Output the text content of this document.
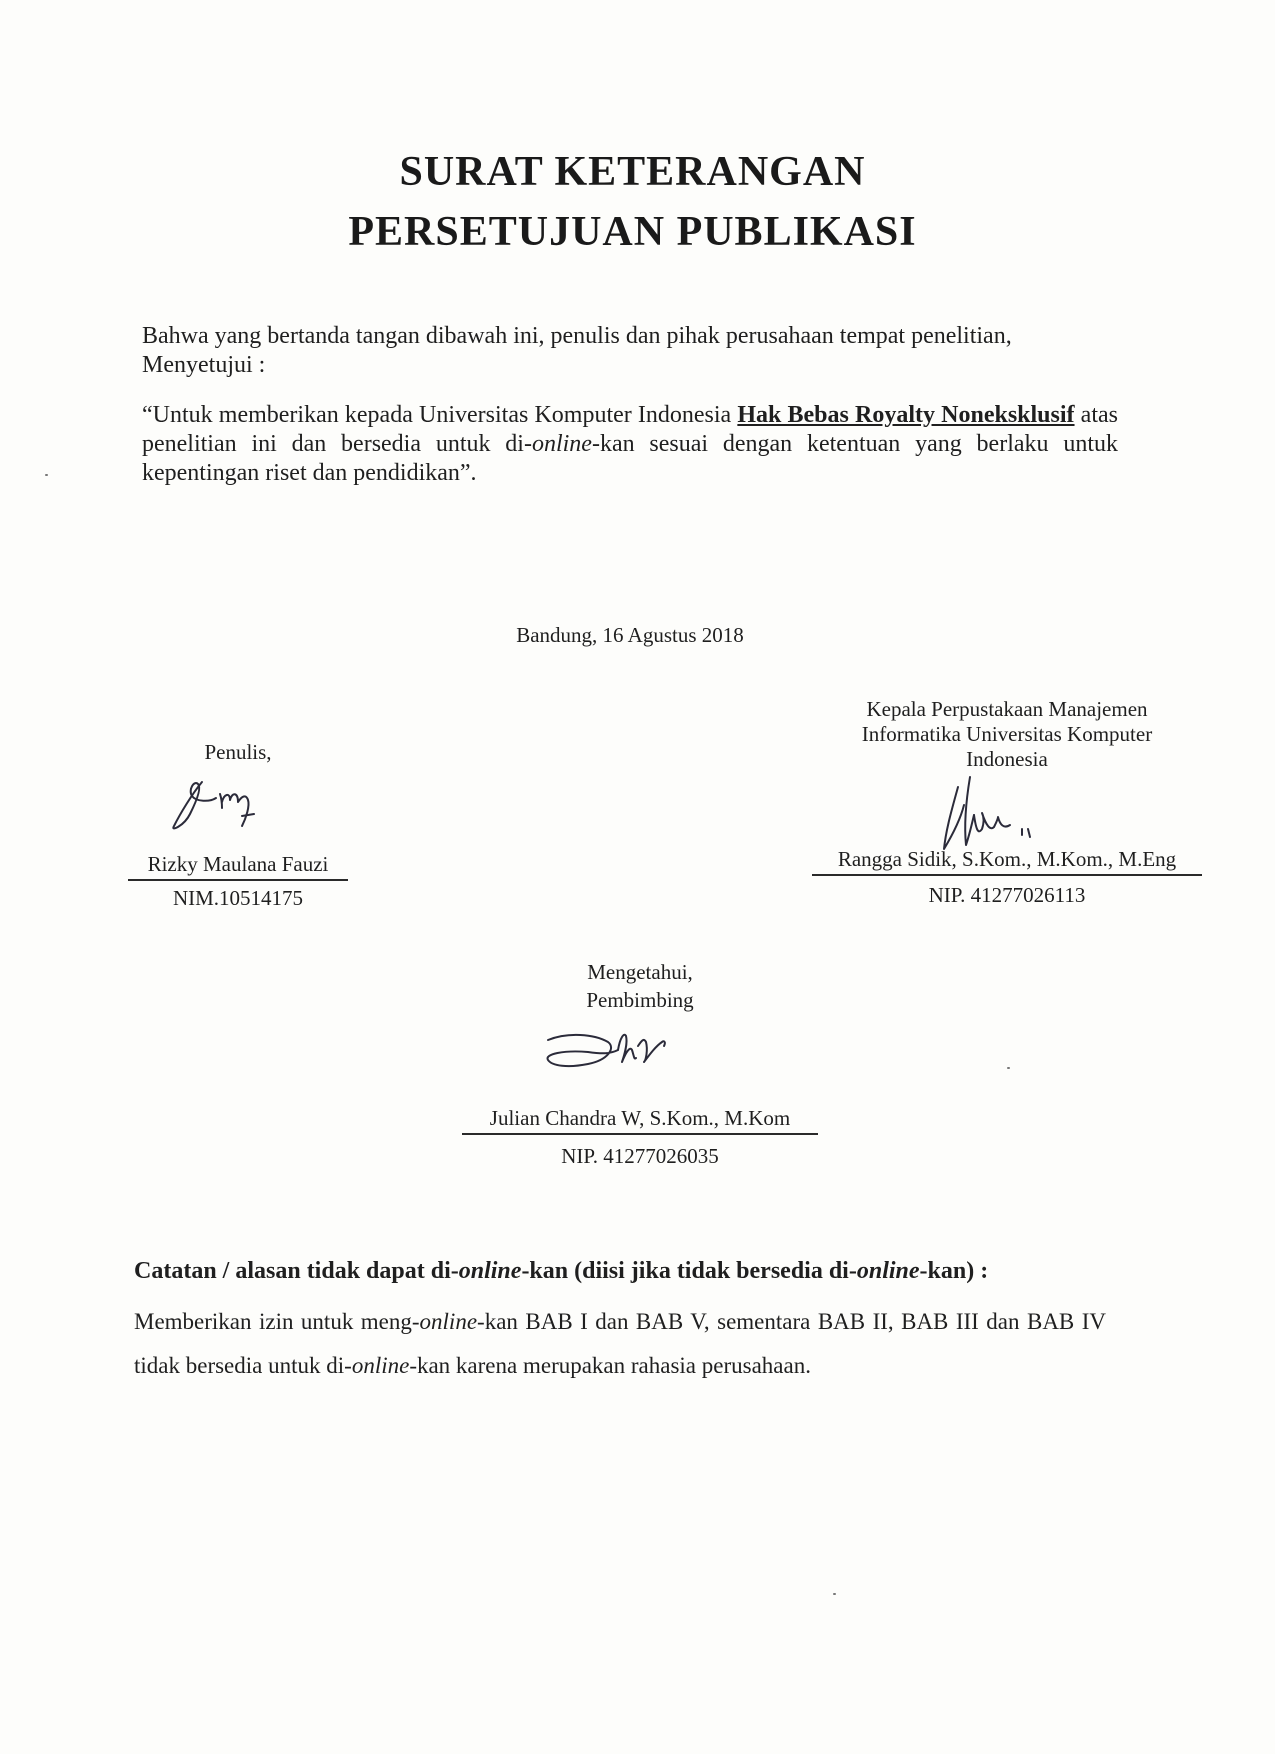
SURAT KETERANGAN
PERSETUJUAN PUBLIKASI
Bahwa yang bertanda tangan dibawah ini, penulis dan pihak perusahaan tempat penelitian,
Menyetujui :
“Untuk memberikan kepada Universitas Komputer Indonesia Hak Bebas Royalty Noneksklusif atas penelitian ini dan bersedia untuk di-online-kan sesuai dengan ketentuan yang berlaku untuk kepentingan riset dan pendidikan”.
Bandung, 16 Agustus 2018
Penulis,
Rizky Maulana Fauzi
NIM.10514175
Kepala Perpustakaan Manajemen
Informatika Universitas Komputer
Indonesia
Rangga Sidik, S.Kom., M.Kom., M.Eng
NIP. 41277026113
Mengetahui,
Pembimbing
Julian Chandra W, S.Kom., M.Kom
NIP. 41277026035
Catatan / alasan tidak dapat di-online-kan (diisi jika tidak bersedia di-online-kan) :
Memberikan izin untuk meng-online-kan BAB I dan BAB V, sementara BAB II, BAB III dan BAB IV tidak bersedia untuk di-online-kan karena merupakan rahasia perusahaan.
